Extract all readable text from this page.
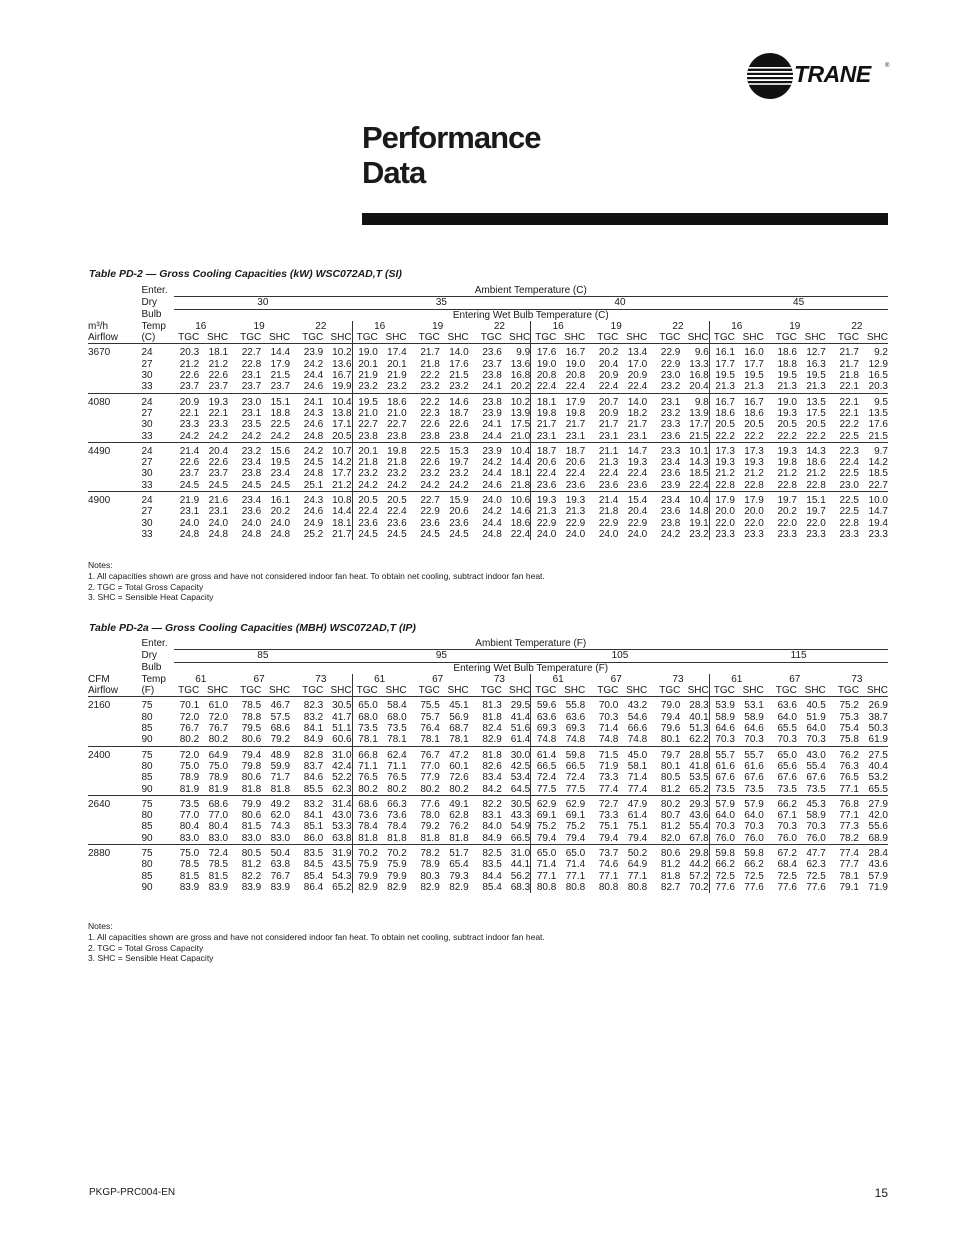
TRANE ®
Performance
Data
Table PD-2 — Gross Cooling Capacities (kW) WSC072AD,T (SI)
	Enter.	Ambient Temperature (C)																							
	Dry	30						35						40						45					
	Bulb	Entering Wet Bulb Temperature (C)																							
m³/h	Temp	16		19		22		16		19		22		16		19		22		16		19		22	
Airflow	(C)	TGC	SHC	TGC	SHC	TGC	SHC	TGC	SHC	TGC	SHC	TGC	SHC	TGC	SHC	TGC	SHC	TGC	SHC	TGC	SHC	TGC	SHC	TGC	SHC
3670	24	20.3	18.1	22.7	14.4	23.9	10.2	19.0	17.4	21.7	14.0	23.6	9.9	17.6	16.7	20.2	13.4	22.9	9.6	16.1	16.0	18.6	12.7	21.7	9.2
	27	21.2	21.2	22.8	17.9	24.2	13.6	20.1	20.1	21.8	17.6	23.7	13.6	19.0	19.0	20.4	17.0	22.9	13.3	17.7	17.7	18.8	16.3	21.7	12.9
	30	22.6	22.6	23.1	21.5	24.4	16.7	21.9	21.9	22.2	21.5	23.8	16.8	20.8	20.8	20.9	20.9	23.0	16.8	19.5	19.5	19.5	19.5	21.8	16.5
	33	23.7	23.7	23.7	23.7	24.6	19.9	23.2	23.2	23.2	23.2	24.1	20.2	22.4	22.4	22.4	22.4	23.2	20.4	21.3	21.3	21.3	21.3	22.1	20.3
4080	24	20.9	19.3	23.0	15.1	24.1	10.4	19.5	18.6	22.2	14.6	23.8	10.2	18.1	17.9	20.7	14.0	23.1	9.8	16.7	16.7	19.0	13.5	22.1	9.5
	27	22.1	22.1	23.1	18.8	24.3	13.8	21.0	21.0	22.3	18.7	23.9	13.9	19.8	19.8	20.9	18.2	23.2	13.9	18.6	18.6	19.3	17.5	22.1	13.5
	30	23.3	23.3	23.5	22.5	24.6	17.1	22.7	22.7	22.6	22.6	24.1	17.5	21.7	21.7	21.7	21.7	23.3	17.7	20.5	20.5	20.5	20.5	22.2	17.6
	33	24.2	24.2	24.2	24.2	24.8	20.5	23.8	23.8	23.8	23.8	24.4	21.0	23.1	23.1	23.1	23.1	23.6	21.5	22.2	22.2	22.2	22.2	22.5	21.5
4490	24	21.4	20.4	23.2	15.6	24.2	10.7	20.1	19.8	22.5	15.3	23.9	10.4	18.7	18.7	21.1	14.7	23.3	10.1	17.3	17.3	19.3	14.3	22.3	9.7
	27	22.6	22.6	23.4	19.5	24.5	14.2	21.8	21.8	22.6	19.7	24.2	14.4	20.6	20.6	21.3	19.3	23.4	14.3	19.3	19.3	19.8	18.6	22.4	14.2
	30	23.7	23.7	23.8	23.4	24.8	17.7	23.2	23.2	23.2	23.2	24.4	18.1	22.4	22.4	22.4	22.4	23.6	18.5	21.2	21.2	21.2	21.2	22.5	18.5
	33	24.5	24.5	24.5	24.5	25.1	21.2	24.2	24.2	24.2	24.2	24.6	21.8	23.6	23.6	23.6	23.6	23.9	22.4	22.8	22.8	22.8	22.8	23.0	22.7
4900	24	21.9	21.6	23.4	16.1	24.3	10.8	20.5	20.5	22.7	15.9	24.0	10.6	19.3	19.3	21.4	15.4	23.4	10.4	17.9	17.9	19.7	15.1	22.5	10.0
	27	23.1	23.1	23.6	20.2	24.6	14.4	22.4	22.4	22.9	20.6	24.2	14.6	21.3	21.3	21.8	20.4	23.6	14.8	20.0	20.0	20.2	19.7	22.5	14.7
	30	24.0	24.0	24.0	24.0	24.9	18.1	23.6	23.6	23.6	23.6	24.4	18.6	22.9	22.9	22.9	22.9	23.8	19.1	22.0	22.0	22.0	22.0	22.8	19.4
	33	24.8	24.8	24.8	24.8	25.2	21.7	24.5	24.5	24.5	24.5	24.8	22.4	24.0	24.0	24.0	24.0	24.2	23.2	23.3	23.3	23.3	23.3	23.3	23.3
Notes:
1. All capacities shown are gross and have not considered indoor fan heat. To obtain net cooling, subtract indoor fan heat.
2. TGC = Total Gross Capacity
3. SHC = Sensible Heat Capacity
Table PD-2a — Gross Cooling Capacities (MBH) WSC072AD,T (IP)
	Enter.	Ambient Temperature (F)																							
	Dry	85						95						105						115					
	Bulb	Entering Wet Bulb Temperature (F)																							
CFM	Temp	61		67		73		61		67		73		61		67		73		61		67		73	
Airflow	(F)	TGC	SHC	TGC	SHC	TGC	SHC	TGC	SHC	TGC	SHC	TGC	SHC	TGC	SHC	TGC	SHC	TGC	SHC	TGC	SHC	TGC	SHC	TGC	SHC
2160	75	70.1	61.0	78.5	46.7	82.3	30.5	65.0	58.4	75.5	45.1	81.3	29.5	59.6	55.8	70.0	43.2	79.0	28.3	53.9	53.1	63.6	40.5	75.2	26.9
	80	72.0	72.0	78.8	57.5	83.2	41.7	68.0	68.0	75.7	56.9	81.8	41.4	63.6	63.6	70.3	54.6	79.4	40.1	58.9	58.9	64.0	51.9	75.3	38.7
	85	76.7	76.7	79.5	68.6	84.1	51.1	73.5	73.5	76.4	68.7	82.4	51.6	69.3	69.3	71.4	66.6	79.6	51.3	64.6	64.6	65.5	64.0	75.4	50.3
	90	80.2	80.2	80.6	79.2	84.9	60.6	78.1	78.1	78.1	78.1	82.9	61.4	74.8	74.8	74.8	74.8	80.1	62.2	70.3	70.3	70.3	70.3	75.8	61.9
2400	75	72.0	64.9	79.4	48.9	82.8	31.0	66.8	62.4	76.7	47.2	81.8	30.0	61.4	59.8	71.5	45.0	79.7	28.8	55.7	55.7	65.0	43.0	76.2	27.5
	80	75.0	75.0	79.8	59.9	83.7	42.4	71.1	71.1	77.0	60.1	82.6	42.5	66.5	66.5	71.9	58.1	80.1	41.8	61.6	61.6	65.6	55.4	76.3	40.4
	85	78.9	78.9	80.6	71.7	84.6	52.2	76.5	76.5	77.9	72.6	83.4	53.4	72.4	72.4	73.3	71.4	80.5	53.5	67.6	67.6	67.6	67.6	76.5	53.2
	90	81.9	81.9	81.8	81.8	85.5	62.3	80.2	80.2	80.2	80.2	84.2	64.5	77.5	77.5	77.4	77.4	81.2	65.2	73.5	73.5	73.5	73.5	77.1	65.5
2640	75	73.5	68.6	79.9	49.2	83.2	31.4	68.6	66.3	77.6	49.1	82.2	30.5	62.9	62.9	72.7	47.9	80.2	29.3	57.9	57.9	66.2	45.3	76.8	27.9
	80	77.0	77.0	80.6	62.0	84.1	43.0	73.6	73.6	78.0	62.8	83.1	43.3	69.1	69.1	73.3	61.4	80.7	43.6	64.0	64.0	67.1	58.9	77.1	42.0
	85	80.4	80.4	81.5	74.3	85.1	53.3	78.4	78.4	79.2	76.2	84.0	54.9	75.2	75.2	75.1	75.1	81.2	55.4	70.3	70.3	70.3	70.3	77.3	55.6
	90	83.0	83.0	83.0	83.0	86.0	63.8	81.8	81.8	81.8	81.8	84.9	66.5	79.4	79.4	79.4	79.4	82.0	67.8	76.0	76.0	76.0	76.0	78.2	68.9
2880	75	75.0	72.4	80.5	50.4	83.5	31.9	70.2	70.2	78.2	51.7	82.5	31.0	65.0	65.0	73.7	50.2	80.6	29.8	59.8	59.8	67.2	47.7	77.4	28.4
	80	78.5	78.5	81.2	63.8	84.5	43.5	75.9	75.9	78.9	65.4	83.5	44.1	71.4	71.4	74.6	64.9	81.2	44.2	66.2	66.2	68.4	62.3	77.7	43.6
	85	81.5	81.5	82.2	76.7	85.4	54.3	79.9	79.9	80.3	79.3	84.4	56.2	77.1	77.1	77.1	77.1	81.8	57.2	72.5	72.5	72.5	72.5	78.1	57.9
	90	83.9	83.9	83.9	83.9	86.4	65.2	82.9	82.9	82.9	82.9	85.4	68.3	80.8	80.8	80.8	80.8	82.7	70.2	77.6	77.6	77.6	77.6	79.1	71.9
Notes:
1. All capacities shown are gross and have not considered indoor fan heat. To obtain net cooling, subtract indoor fan heat.
2. TGC = Total Gross Capacity
3. SHC = Sensible Heat Capacity
PKGP-PRC004-EN	15
